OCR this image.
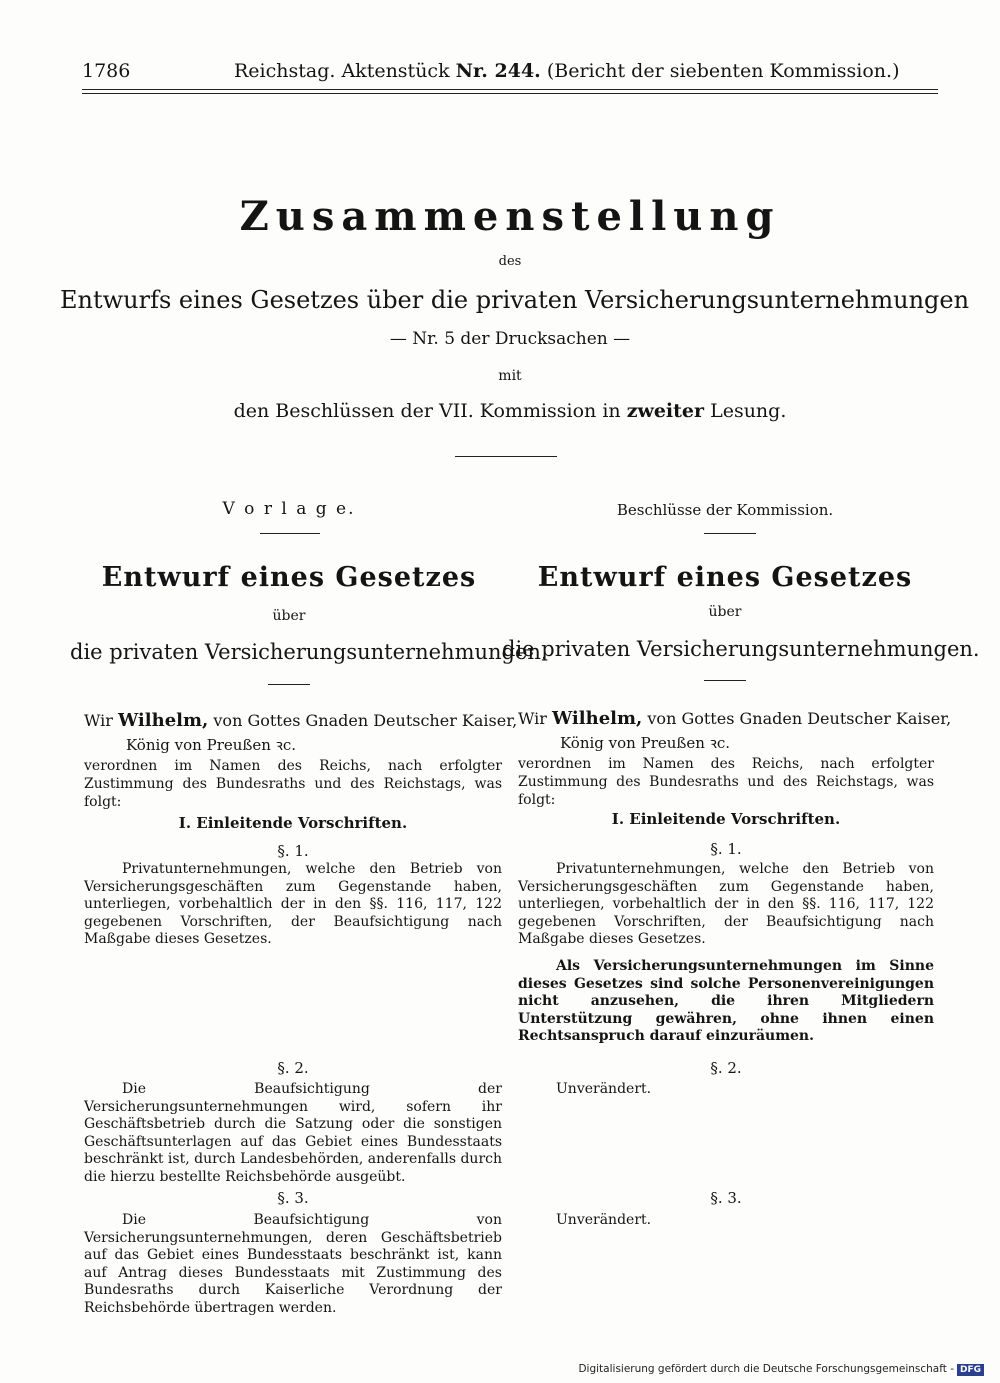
1786	Reichstag. Aktenstück Nr. 244. (Bericht der siebenten Kommission.)
Zusammenstellung
des
Entwurfs eines Gesetzes über die privaten Versicherungsunternehmungen
— Nr. 5 der Drucksachen —
mit
den Beschlüssen der VII. Kommission in zweiter Lesung.
V o r l a g e.
Entwurf eines Gesetzes
über
die privaten Versicherungsunternehmungen.
Wir Wilhelm, von Gottes Gnaden Deutscher Kaiser,
König von Preußen ꝛc.
verordnen im Namen des Reichs, nach erfolgter Zustimmung des Bundesraths und des Reichstags, was folgt:
I. Einleitende Vorschriften.
§. 1.
Privatunternehmungen, welche den Betrieb von Versicherungsgeschäften zum Gegenstande haben, unterliegen, vorbehaltlich der in den §§. 116, 117, 122 gegebenen Vorschriften, der Beaufsichtigung nach Maßgabe dieses Gesetzes.
§. 2.
Die Beaufsichtigung der Versicherungsunternehmungen wird, sofern ihr Geschäftsbetrieb durch die Satzung oder die sonstigen Geschäftsunterlagen auf das Gebiet eines Bundesstaats beschränkt ist, durch Landesbehörden, anderenfalls durch die hierzu bestellte Reichsbehörde ausgeübt.
§. 3.
Die Beaufsichtigung von Versicherungsunternehmungen, deren Geschäftsbetrieb auf das Gebiet eines Bundesstaats beschränkt ist, kann auf Antrag dieses Bundesstaats mit Zustimmung des Bundesraths durch Kaiserliche Verordnung der Reichsbehörde übertragen werden.
Beschlüsse der Kommission.
Entwurf eines Gesetzes
über
die privaten Versicherungsunternehmungen.
Wir Wilhelm, von Gottes Gnaden Deutscher Kaiser,
König von Preußen ꝛc.
verordnen im Namen des Reichs, nach erfolgter Zustimmung des Bundesraths und des Reichstags, was folgt:
I. Einleitende Vorschriften.
§. 1.
Privatunternehmungen, welche den Betrieb von Versicherungsgeschäften zum Gegenstande haben, unterliegen, vorbehaltlich der in den §§. 116, 117, 122 gegebenen Vorschriften, der Beaufsichtigung nach Maßgabe dieses Gesetzes.
Als Versicherungsunternehmungen im Sinne dieses Gesetzes sind solche Personenvereinigungen nicht anzusehen, die ihren Mitgliedern Unterstützung gewähren, ohne ihnen einen Rechtsanspruch darauf einzuräumen.
§. 2.
Unverändert.
§. 3.
Unverändert.
Digitalisierung gefördert durch die Deutsche Forschungsgemeinschaft - DFG
